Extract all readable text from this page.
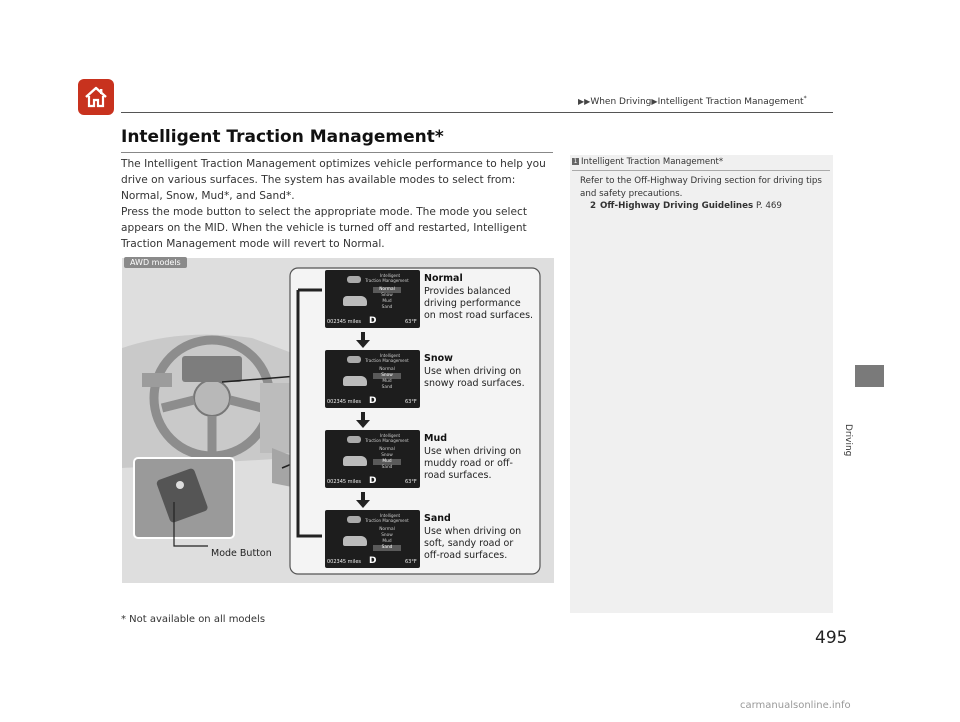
▶▶When Driving▶Intelligent Traction Management*
Driving
Intelligent Traction Management*

The Intelligent Traction Management optimizes vehicle performance to help you drive on various surfaces. The system has available modes to select from: Normal, Snow, Mud*, and Sand*.

Press the mode button to select the appropriate mode. The mode you select appears on the MID. When the vehicle is turned off and restarted, Intelligent Traction Management mode will revert to Normal.

1 Intelligent Traction Management*
Refer to the Off-Highway Driving section for driving tips and safety precautions.
2 Off-Highway Driving Guidelines P. 469
AWD models
Mode Button
Intelligent
Traction Management
Normal
Snow
Mud
Sand
002345 miles D	63°F
Normal
Provides balanced
driving performance
on most road surfaces.
Intelligent
Traction Management
Normal
Snow
Mud
Sand
002345 miles D	63°F
Snow
Use when driving on
snowy road surfaces.
Intelligent
Traction Management
Normal
Snow
Mud
Sand
002345 miles D	63°F
Mud
Use when driving on
muddy road or off-
road surfaces.
Intelligent
Traction Management
Normal
Snow
Mud
Sand
002345 miles D	63°F
Sand
Use when driving on
soft, sandy road or
off-road surfaces.
* Not available on all models
495
carmanualsonline.info
